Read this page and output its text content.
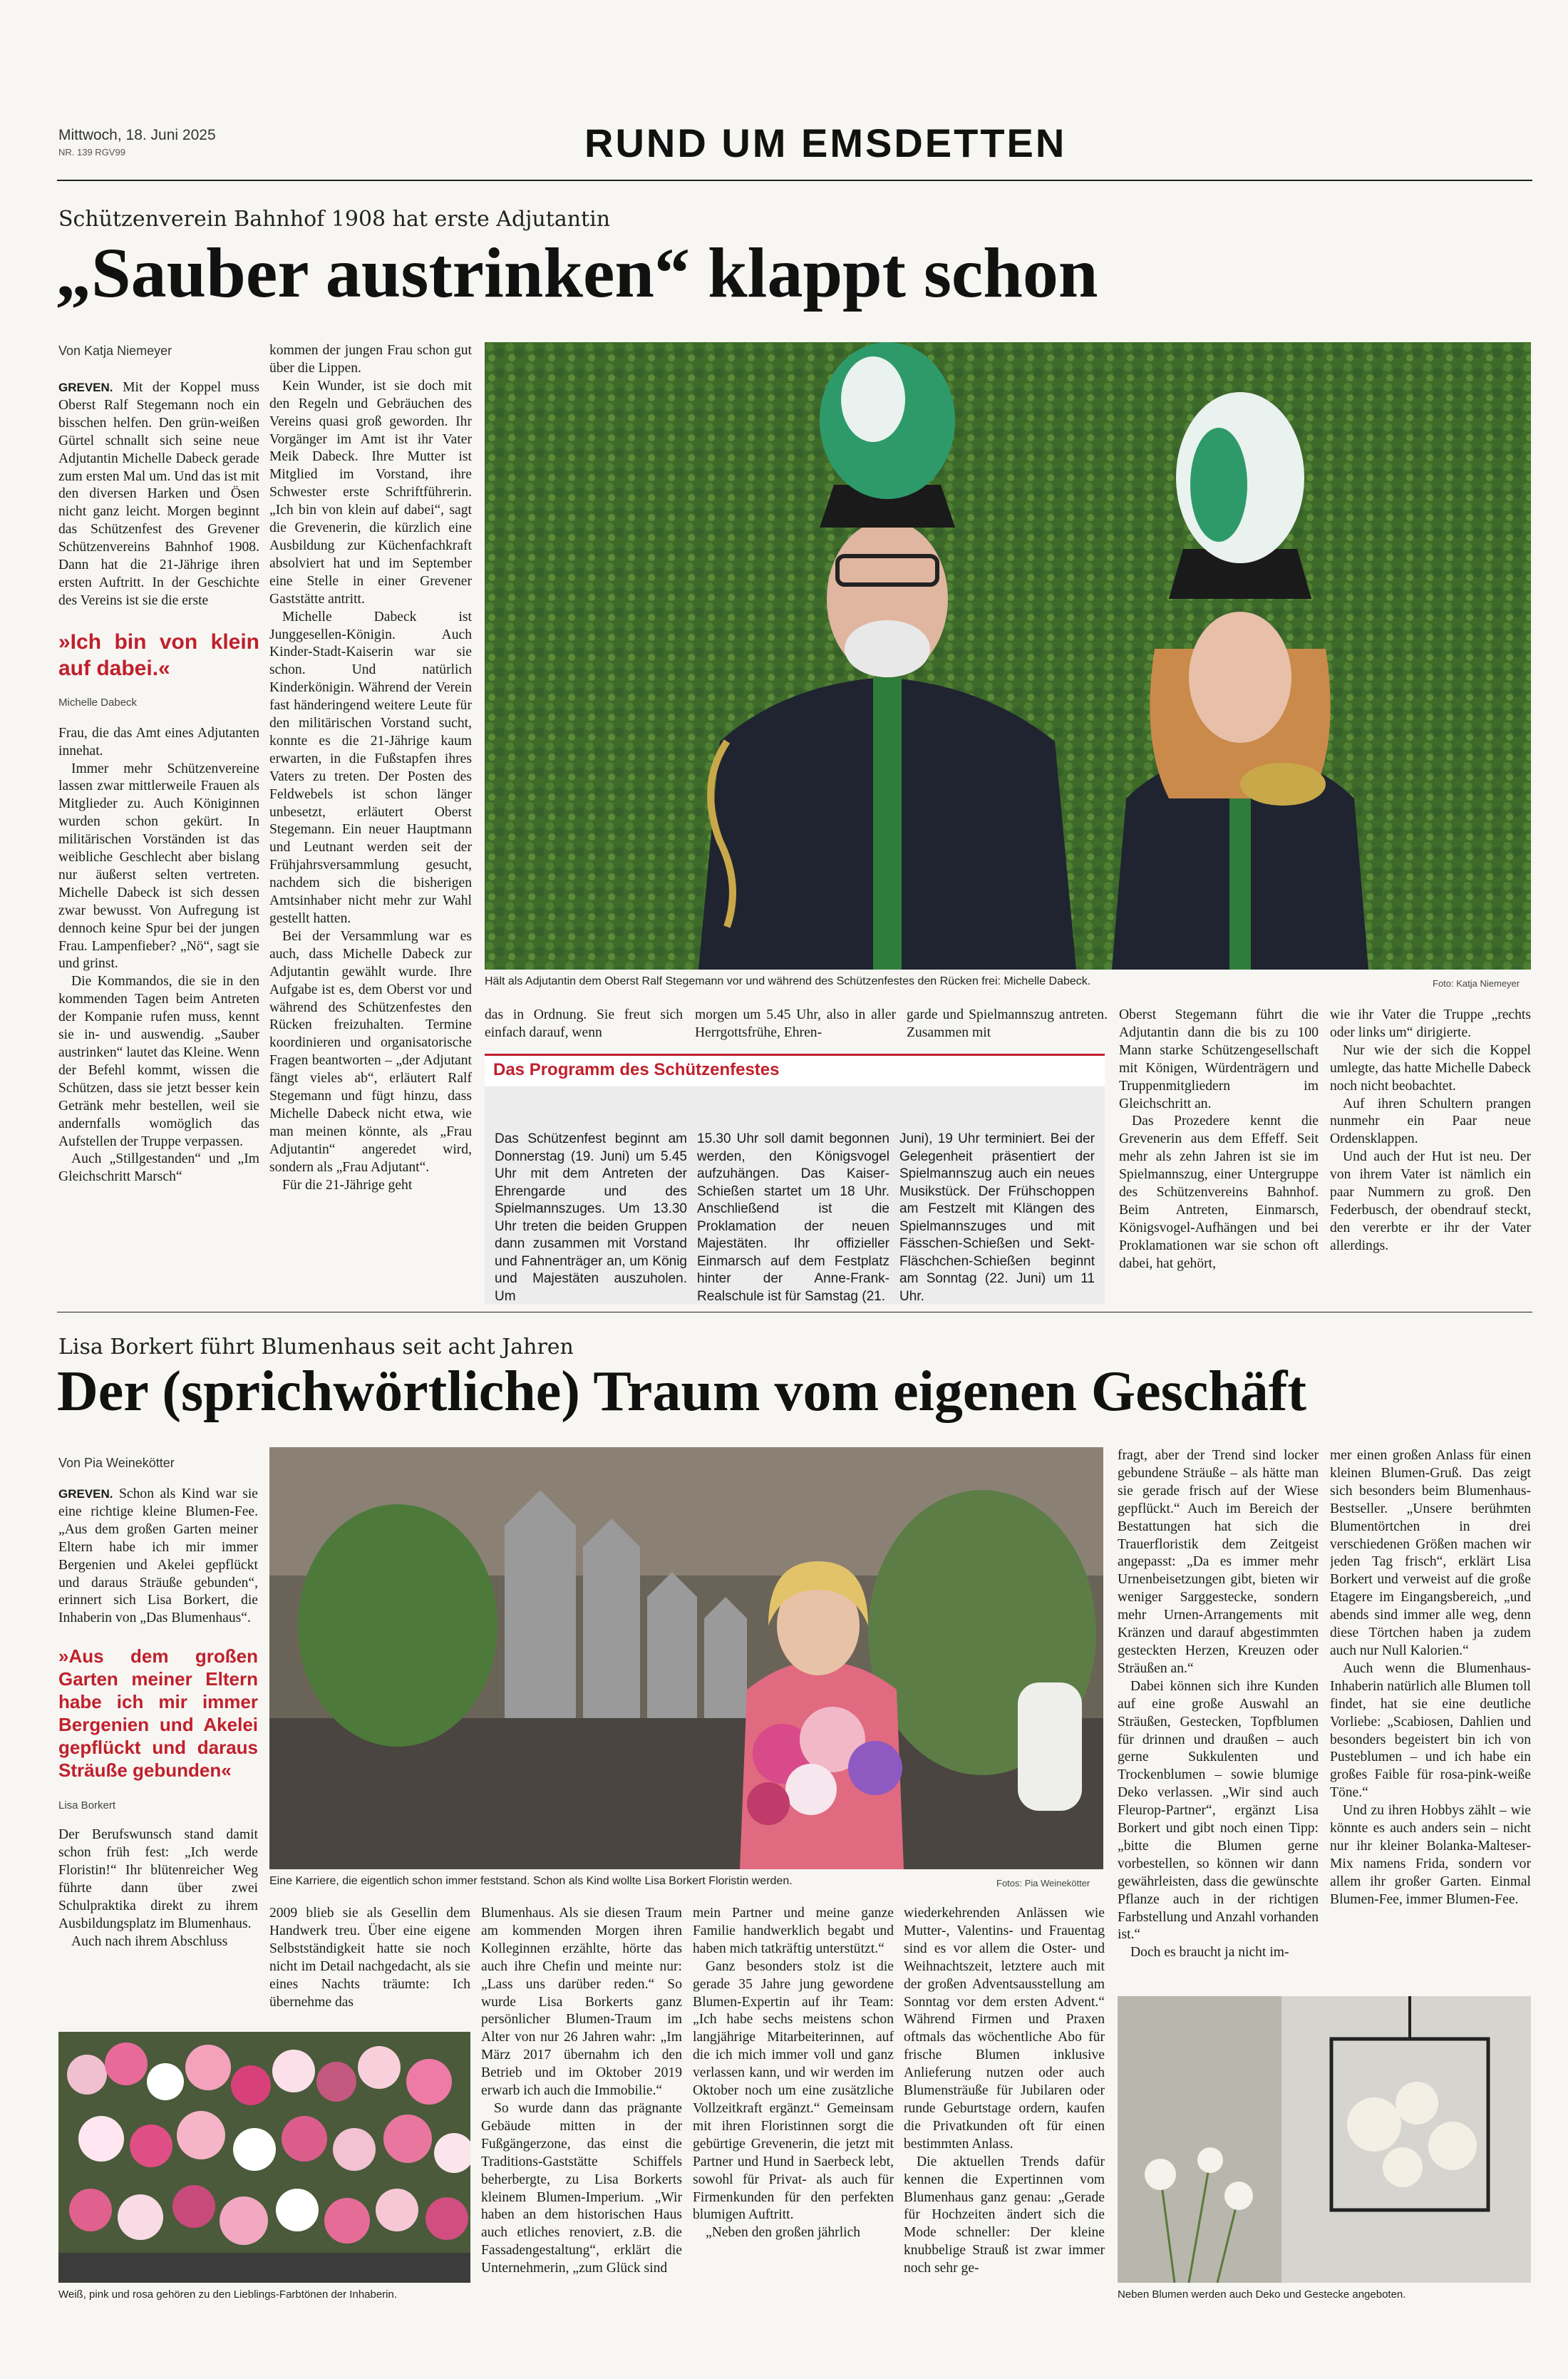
Mittwoch, 18. Juni 2025
NR. 139 RGV99	RUND UM EMSDETTEN
Schützenverein Bahnhof 1908 hat erste Adjutantin
„Sauber austrinken“ klappt schon
Von Katja Niemeyer

GREVEN. Mit der Koppel muss Oberst Ralf Stegemann noch ein bisschen helfen. Den grün-weißen Gürtel schnallt sich seine neue Adjutantin Michelle Dabeck gerade zum ersten Mal um. Und das ist mit den diversen Harken und Ösen nicht ganz leicht. Morgen beginnt das Schützenfest des Grevener Schützenvereins Bahnhof 1908. Dann hat die 21-Jährige ihren ersten Auftritt. In der Geschichte des Vereins ist sie die erste

»Ich bin von klein auf dabei.«
Michelle Dabeck

Frau, die das Amt eines Adjutanten innehat.

Immer mehr Schützenvereine lassen zwar mittlerweile Frauen als Mitglieder zu. Auch Königinnen wurden schon gekürt. In militärischen Vorständen ist das weibliche Geschlecht aber bislang nur äußerst selten vertreten. Michelle Dabeck ist sich dessen zwar bewusst. Von Aufregung ist dennoch keine Spur bei der jungen Frau. Lampenfieber? „Nö“, sagt sie und grinst.

Die Kommandos, die sie in den kommenden Tagen beim Antreten der Kompanie rufen muss, kennt sie in- und auswendig. „Sauber austrinken“ lautet das Kleine. Wenn der Befehl kommt, wissen die Schützen, dass sie jetzt besser kein Getränk mehr bestellen, weil sie andernfalls womöglich das Aufstellen der Truppe verpassen.

Auch „Stillgestanden“ und „Im Gleichschritt Marsch“

kommen der jungen Frau schon gut über die Lippen.

Kein Wunder, ist sie doch mit den Regeln und Gebräuchen des Vereins quasi groß geworden. Ihr Vorgänger im Amt ist ihr Vater Meik Dabeck. Ihre Mutter ist Mitglied im Vorstand, ihre Schwester erste Schriftführerin. „Ich bin von klein auf dabei“, sagt die Grevenerin, die kürzlich eine Ausbildung zur Küchenfachkraft absolviert hat und im September eine Stelle in einer Grevener Gaststätte antritt.

Michelle Dabeck ist Junggesellen-Königin. Auch Kinder-Stadt-Kaiserin war sie schon. Und natürlich Kinderkönigin. Während der Verein fast händeringend weitere Leute für den militärischen Vorstand sucht, konnte es die 21-Jährige kaum erwarten, in die Fußstapfen ihres Vaters zu treten. Der Posten des Feldwebels ist schon länger unbesetzt, erläutert Oberst Stegemann. Ein neuer Hauptmann und Leutnant werden seit der Frühjahrsversammlung gesucht, nachdem sich die bisherigen Amtsinhaber nicht mehr zur Wahl gestellt hatten.

Bei der Versammlung war es auch, dass Michelle Dabeck zur Adjutantin gewählt wurde. Ihre Aufgabe ist es, dem Oberst vor und während des Schützenfestes den Rücken freizuhalten. Termine koordinieren und organisatorische Fragen beantworten – „der Adjutant fängt vieles ab“, erläutert Ralf Stegemann und fügt hinzu, dass Michelle Dabeck nicht etwa, wie man meinen könnte, als „Frau Adjutantin“ angeredet wird, sondern als „Frau Adjutant“.

Für die 21-Jährige geht

Hält als Adjutantin dem Oberst Ralf Stegemann vor und während des Schützenfestes den Rücken frei: Michelle Dabeck.	Foto: Katja Niemeyer

das in Ordnung. Sie freut sich einfach darauf, wenn

morgen um 5.45 Uhr, also in aller Herrgottsfrühe, Ehren-

garde und Spielmannszug antreten. Zusammen mit

Das Programm des Schützenfestes
Das Schützenfest beginnt am Donnerstag (19. Juni) um 5.45 Uhr mit dem Antreten der Ehrengarde und des Spielmannszuges. Um 13.30 Uhr treten die beiden Gruppen dann zusammen mit Vorstand und Fahnenträger an, um König und Majestäten auszuholen. Um
15.30 Uhr soll damit begonnen werden, den Königsvogel aufzuhängen. Das Kaiser-Schießen startet um 18 Uhr. Anschließend ist die Proklamation der neuen Majestäten. Ihr offizieller Einmarsch auf dem Festplatz hinter der Anne-Frank-Realschule ist für Samstag (21.
Juni), 19 Uhr terminiert. Bei der Gelegenheit präsentiert der Spielmannszug auch ein neues Musikstück. Der Frühschoppen am Festzelt mit Klängen des Spielmannszuges und mit Fässchen-Schießen und Sekt-Fläschchen-Schießen beginnt am Sonntag (22. Juni) um 11 Uhr.

Oberst Stegemann führt die Adjutantin dann die bis zu 100 Mann starke Schützengesellschaft mit Königen, Würdenträgern und Truppenmitgliedern im Gleichschritt an.

Das Prozedere kennt die Grevenerin aus dem Effeff. Seit mehr als zehn Jahren ist sie im Spielmannszug, einer Untergruppe des Schützenvereins Bahnhof. Beim Antreten, Einmarsch, Königsvogel-Aufhängen und bei Proklamationen war sie schon oft dabei, hat gehört,

wie ihr Vater die Truppe „rechts oder links um“ dirigierte.

Nur wie der sich die Koppel umlegte, das hatte Michelle Dabeck noch nicht beobachtet.

Auf ihren Schultern prangen nunmehr ein Paar neue Ordensklappen.

Und auch der Hut ist neu. Der von ihrem Vater ist nämlich ein paar Nummern zu groß. Den Federbusch, der obendrauf steckt, den vererbte er ihr der Vater allerdings.

Lisa Borkert führt Blumenhaus seit acht Jahren
Der (sprichwörtliche) Traum vom eigenen Geschäft
Von Pia Weinekötter

GREVEN. Schon als Kind war sie eine richtige kleine Blumen-Fee. „Aus dem großen Garten meiner Eltern habe ich mir immer Bergenien und Akelei gepflückt und daraus Sträuße gebunden“, erinnert sich Lisa Borkert, die Inhaberin von „Das Blumenhaus“.

»Aus dem großen Garten meiner Eltern habe ich mir immer Bergenien und Akelei gepflückt und daraus Sträuße gebunden«
Lisa Borkert

Der Berufswunsch stand damit schon früh fest: „Ich werde Floristin!“ Ihr blütenreicher Weg führte dann über zwei Schulpraktika direkt zu ihrem Ausbildungsplatz im Blumenhaus.

Auch nach ihrem Abschluss

Eine Karriere, die eigentlich schon immer feststand. Schon als Kind wollte Lisa Borkert Floristin werden.	Fotos: Pia Weinekötter

2009 blieb sie als Gesellin dem Handwerk treu. Über eine eigene Selbstständigkeit hatte sie noch nicht im Detail nachgedacht, als sie eines Nachts träumte: Ich übernehme das

Blumenhaus. Als sie diesen Traum am kommenden Morgen ihren Kolleginnen erzählte, hörte das auch ihre Chefin und meinte nur: „Lass uns darüber reden.“ So wurde Lisa Borkerts ganz persönlicher Blumen-Traum im Alter von nur 26 Jahren wahr: „Im März 2017 übernahm ich den Betrieb und im Oktober 2019 erwarb ich auch die Immobilie.“

So wurde dann das prägnante Gebäude mitten in der Fußgängerzone, das einst die Traditions-Gaststätte Schiffels beherbergte, zu Lisa Borkerts kleinem Blumen-Imperium. „Wir haben an dem historischen Haus auch etliches renoviert, z.B. die Fassadengestaltung“, erklärt die Unternehmerin, „zum Glück sind

mein Partner und meine ganze Familie handwerklich begabt und haben mich tatkräftig unterstützt.“

Ganz besonders stolz ist die gerade 35 Jahre jung gewordene Blumen-Expertin auf ihr Team: „Ich habe sechs meistens schon langjährige Mitarbeiterinnen, auf die ich mich immer voll und ganz verlassen kann, und wir werden im Oktober noch um eine zusätzliche Vollzeitkraft ergänzt.“ Gemeinsam mit ihren Floristinnen sorgt die gebürtige Grevenerin, die jetzt mit Partner und Hund in Saerbeck lebt, sowohl für Privat- als auch für Firmenkunden für den perfekten blumigen Auftritt.

„Neben den großen jährlich

wiederkehrenden Anlässen wie Mutter-, Valentins- und Frauentag sind es vor allem die Oster- und Weihnachtszeit, letztere auch mit der großen Adventsausstellung am Sonntag vor dem ersten Advent.“ Während Firmen und Praxen oftmals das wöchentliche Abo für frische Blumen inklusive Anlieferung nutzen oder auch Blumensträuße für Jubilaren oder runde Geburtstage ordern, kaufen die Privatkunden oft für einen bestimmten Anlass.

Die aktuellen Trends dafür kennen die Expertinnen vom Blumenhaus ganz genau: „Gerade für Hochzeiten ändert sich die Mode schneller: Der kleine knubbelige Strauß ist zwar immer noch sehr ge-

fragt, aber der Trend sind locker gebundene Sträuße – als hätte man sie gerade frisch auf der Wiese gepflückt.“ Auch im Bereich der Bestattungen hat sich die Trauerfloristik dem Zeitgeist angepasst: „Da es immer mehr Urnenbeisetzungen gibt, bieten wir weniger Sarggestecke, sondern mehr Urnen-Arrangements mit Kränzen und darauf abgestimmten gesteckten Herzen, Kreuzen oder Sträußen an.“

Dabei können sich ihre Kunden auf eine große Auswahl an Sträußen, Gestecken, Topfblumen für drinnen und draußen – auch gerne Sukkulenten und Trockenblumen – sowie blumige Deko verlassen. „Wir sind auch Fleurop-Partner“, ergänzt Lisa Borkert und gibt noch einen Tipp: „bitte die Blumen gerne vorbestellen, so können wir dann gewährleisten, dass die gewünschte Pflanze auch in der richtigen Farbstellung und Anzahl vorhanden ist.“

Doch es braucht ja nicht im-

mer einen großen Anlass für einen kleinen Blumen-Gruß. Das zeigt sich besonders beim Blumenhaus-Bestseller. „Unsere berühmten Blumentörtchen in drei verschiedenen Größen machen wir jeden Tag frisch“, erklärt Lisa Borkert und verweist auf die große Etagere im Eingangsbereich, „und abends sind immer alle weg, denn diese Törtchen haben ja zudem auch nur Null Kalorien.“

Auch wenn die Blumenhaus-Inhaberin natürlich alle Blumen toll findet, hat sie eine deutliche Vorliebe: „Scabiosen, Dahlien und besonders begeistert bin ich von Pusteblumen – und ich habe ein großes Faible für rosa-pink-weiße Töne.“

Und zu ihren Hobbys zählt – wie könnte es auch anders sein – nicht nur ihr kleiner Bolanka-Malteser-Mix namens Frida, sondern vor allem ihr großer Garten. Einmal Blumen-Fee, immer Blumen-Fee.

Weiß, pink und rosa gehören zu den Lieblings-Farbtönen der Inhaberin.	Neben Blumen werden auch Deko und Gestecke angeboten.
